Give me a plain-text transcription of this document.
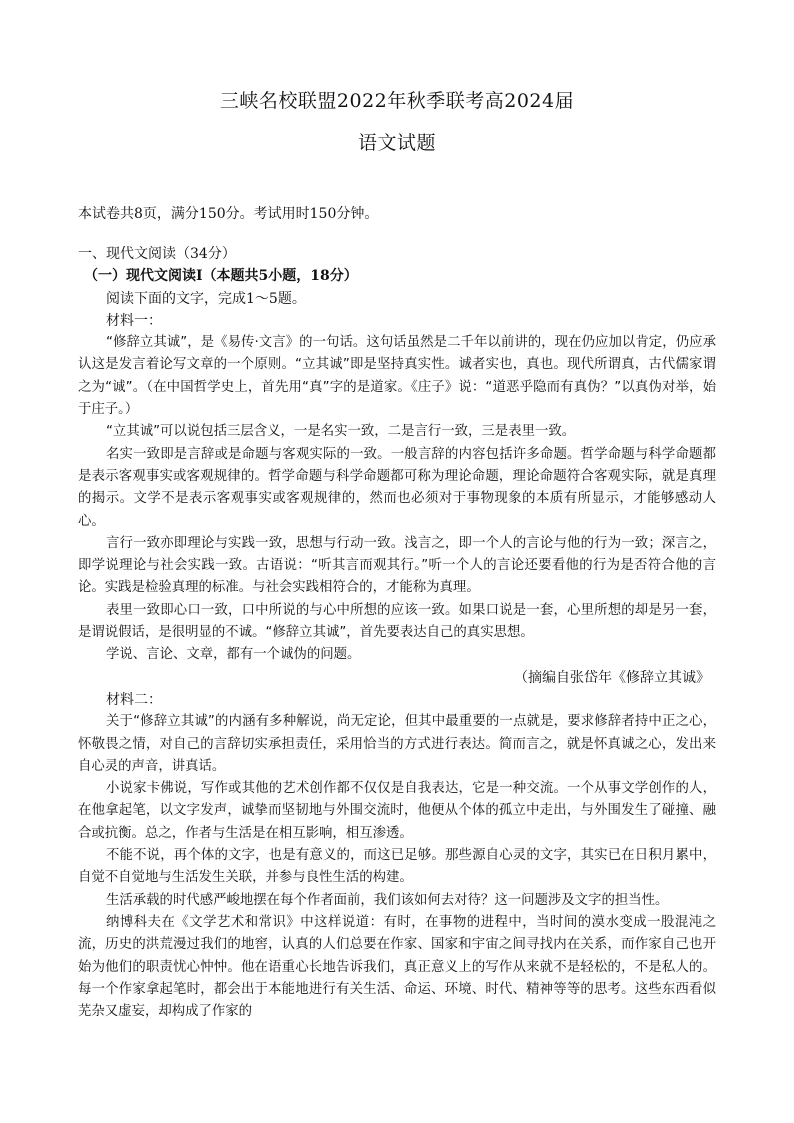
三峡名校联盟2022年秋季联考高2024届
语文试题
本试卷共8页，满分150分。考试用时150分钟。

一、现代文阅读（34分）

（一）现代文阅读Ⅰ（本题共5小题，18分）

阅读下面的文字，完成1～5题。

材料一：

“修辞立其诚”，是《易传·文言》的一句话。这句话虽然是二千年以前讲的，现在仍应加以肯定，仍应承认这是发言着论写文章的一个原则。“立其诚”即是坚持真实性。诚者实也，真也。现代所谓真，古代儒家谓之为“诚”。（在中国哲学史上，首先用“真”字的是道家。《庄子》说：“道恶乎隐而有真伪？”以真伪对举，始于庄子。）

“立其诚”可以说包括三层含义，一是名实一致，二是言行一致，三是表里一致。

名实一致即是言辞或是命题与客观实际的一致。一般言辞的内容包括许多命题。哲学命题与科学命题都是表示客观事实或客观规律的。哲学命题与科学命题都可称为理论命题，理论命题符合客观实际，就是真理的揭示。文学不是表示客观事实或客观规律的，然而也必须对于事物现象的本质有所显示，才能够感动人心。

言行一致亦即理论与实践一致，思想与行动一致。浅言之，即一个人的言论与他的行为一致；深言之，即学说理论与社会实践一致。古语说：“听其言而观其行。”听一个人的言论还要看他的行为是否符合他的言论。实践是检验真理的标准。与社会实践相符合的，才能称为真理。

表里一致即心口一致，口中所说的与心中所想的应该一致。如果口说是一套，心里所想的却是另一套，是谓说假话，是很明显的不诚。“修辞立其诚”，首先要表达自己的真实思想。

学说、言论、文章，都有一个诚伪的问题。

（摘编自张岱年《修辞立其诚》

材料二：

关于“修辞立其诚”的内涵有多种解说，尚无定论，但其中最重要的一点就是，要求修辞者持中正之心，怀敬畏之情，对自己的言辞切实承担责任，采用恰当的方式进行表达。简而言之，就是怀真诚之心，发出来自心灵的声音，讲真话。

小说家卡佛说，写作或其他的艺术创作都不仅仅是自我表达，它是一种交流。一个从事文学创作的人，在他拿起笔，以文字发声，诚挚而坚韧地与外围交流时，他便从个体的孤立中走出，与外围发生了碰撞、融合或抗衡。总之，作者与生活是在相互影响，相互渗透。

不能不说，再个体的文字，也是有意义的，而这已足够。那些源自心灵的文字，其实已在日积月累中，自觉不自觉地与生活发生关联，并参与良性生活的构建。

生活承载的时代感严峻地摆在每个作者面前，我们该如何去对待？这一问题涉及文字的担当性。

纳博科夫在《文学艺术和常识》中这样说道：有时，在事物的进程中，当时间的漠水变成一股混沌之流，历史的洪荒漫过我们的地窖，认真的人们总要在作家、国家和宇宙之间寻找内在关系，而作家自己也开始为他们的职责忧心忡忡。他在语重心长地告诉我们，真正意义上的写作从来就不是轻松的，不是私人的。每一个作家拿起笔时，都会出于本能地进行有关生活、命运、环境、时代、精神等等的思考。这些东西看似芜杂又虚妄，却构成了作家的
